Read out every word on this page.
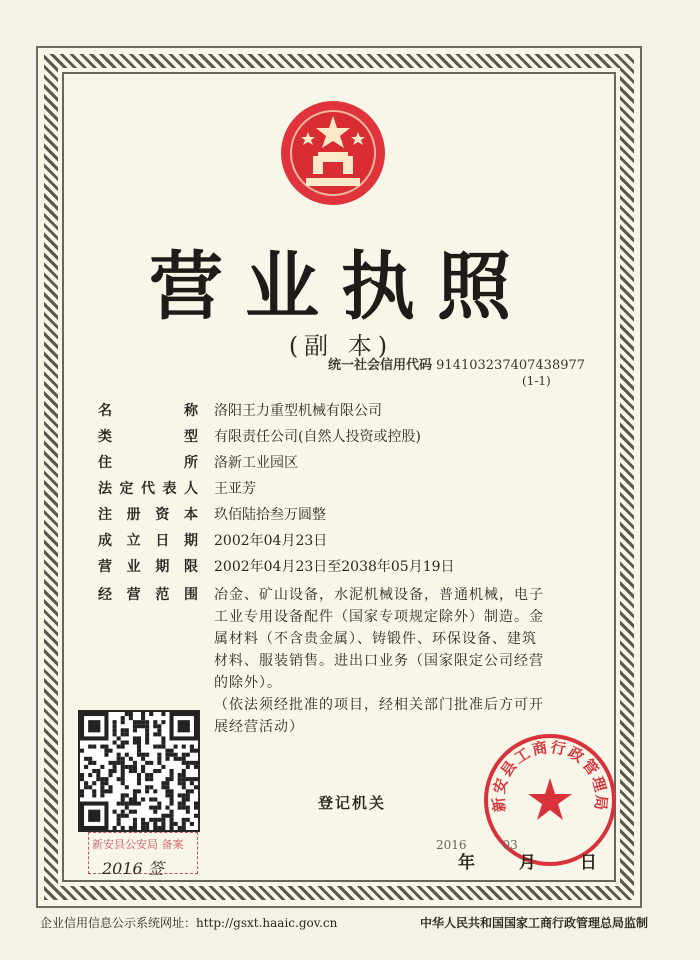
营业执照
(副 本)
统一社会信用代码 914103237407438977
(1-1)
名称 洛阳王力重型机械有限公司
类型 有限责任公司(自然人投资或控股)
住所 洛新工业园区
法定代表人 王亚芳
注册资本 玖佰陆拾叁万圆整
成立日期 2002年04月23日
营业期限 2002年04月23日至2038年05月19日
经营范围 冶金、矿山设备，水泥机械设备，普通机械，电子
工业专用设备配件（国家专项规定除外）制造。金
属材料（不含贵金属）、铸锻件、环保设备、建筑
材料、服装销售。进出口业务（国家限定公司经营
的除外）。
（依法须经批准的项目，经相关部门批准后方可开
展经营活动）
新安县公安局 备案
2016 签
登记机关	新安县工商行政管理局
2016	03
年	月	日
企业信用信息公示系统网址：http://gsxt.haaic.gov.cn	中华人民共和国国家工商行政管理总局监制
